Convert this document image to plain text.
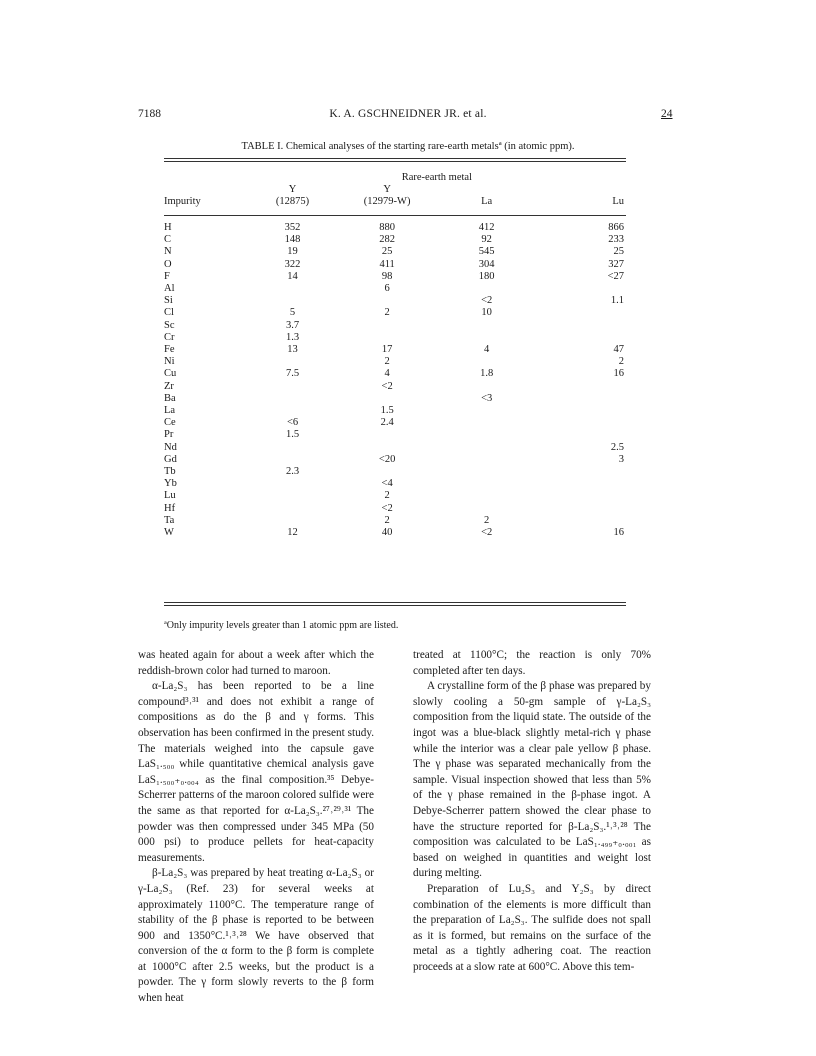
7188	K. A. GSCHNEIDNER JR. et al.	24
TABLE I. Chemical analyses of the starting rare-earth metalsª (in atomic ppm).
	Rare-earth metal			
	Y	Y		
Impurity	(12875)	(12979-W)	La	Lu

H	352	880	412	866
C	148	282	92	233
N	19	25	545	25
O	322	411	304	327
F	14	98	180	<27
Al		6		
Si			<2	1.1
Cl	5	2	10	
Sc	3.7			
Cr	1.3			
Fe	13	17	4	47
Ni		2		2
Cu	7.5	4	1.8	16
Zr		<2		
Ba			<3	
La		1.5		
Ce	<6	2.4		
Pr	1.5			
Nd				2.5
Gd		<20		3
Tb	2.3			
Yb		<4		
Lu		2		
Hf		<2		
Ta		2	2	
W	12	40	<2	16
ªOnly impurity levels greater than 1 atomic ppm are listed.

was heated again for about a week after which the reddish-brown color had turned to maroon.

α-La₂S₃ has been reported to be a line compound³˒³¹ and does not exhibit a range of compositions as do the β and γ forms. This observation has been confirmed in the present study. The materials weighed into the capsule gave LaS₁.₅₀₀ while quantitative chemical analysis gave LaS₁.₅₀₀₊₀.₀₀₄ as the final composition.³⁵ Debye-Scherrer patterns of the maroon colored sulfide were the same as that reported for α-La₂S₃.²⁷˒²⁹˒³¹ The powder was then compressed under 345 MPa (50 000 psi) to produce pellets for heat-capacity measurements.

β-La₂S₃ was prepared by heat treating α-La₂S₃ or γ-La₂S₃ (Ref. 23) for several weeks at approximately 1100°C. The temperature range of stability of the β phase is reported to be between 900 and 1350°C.¹˒³˒²⁸ We have observed that conversion of the α form to the β form is complete at 1000°C after 2.5 weeks, but the product is a powder. The γ form slowly reverts to the β form when heat

treated at 1100°C; the reaction is only 70% completed after ten days.

A crystalline form of the β phase was prepared by slowly cooling a 50-gm sample of γ-La₂S₃ composition from the liquid state. The outside of the ingot was a blue-black slightly metal-rich γ phase while the interior was a clear pale yellow β phase. The γ phase was separated mechanically from the sample. Visual inspection showed that less than 5% of the γ phase remained in the β-phase ingot. A Debye-Scherrer pattern showed the clear phase to have the structure reported for β-La₂S₃.¹˒³˒²⁸ The composition was calculated to be LaS₁.₄₉₉₊₀.₀₀₁ as based on weighed in quantities and weight lost during melting.

Preparation of Lu₂S₃ and Y₂S₃ by direct combination of the elements is more difficult than the preparation of La₂S₃. The sulfide does not spall as it is formed, but remains on the surface of the metal as a tightly adhering coat. The reaction proceeds at a slow rate at 600°C. Above this tem-
